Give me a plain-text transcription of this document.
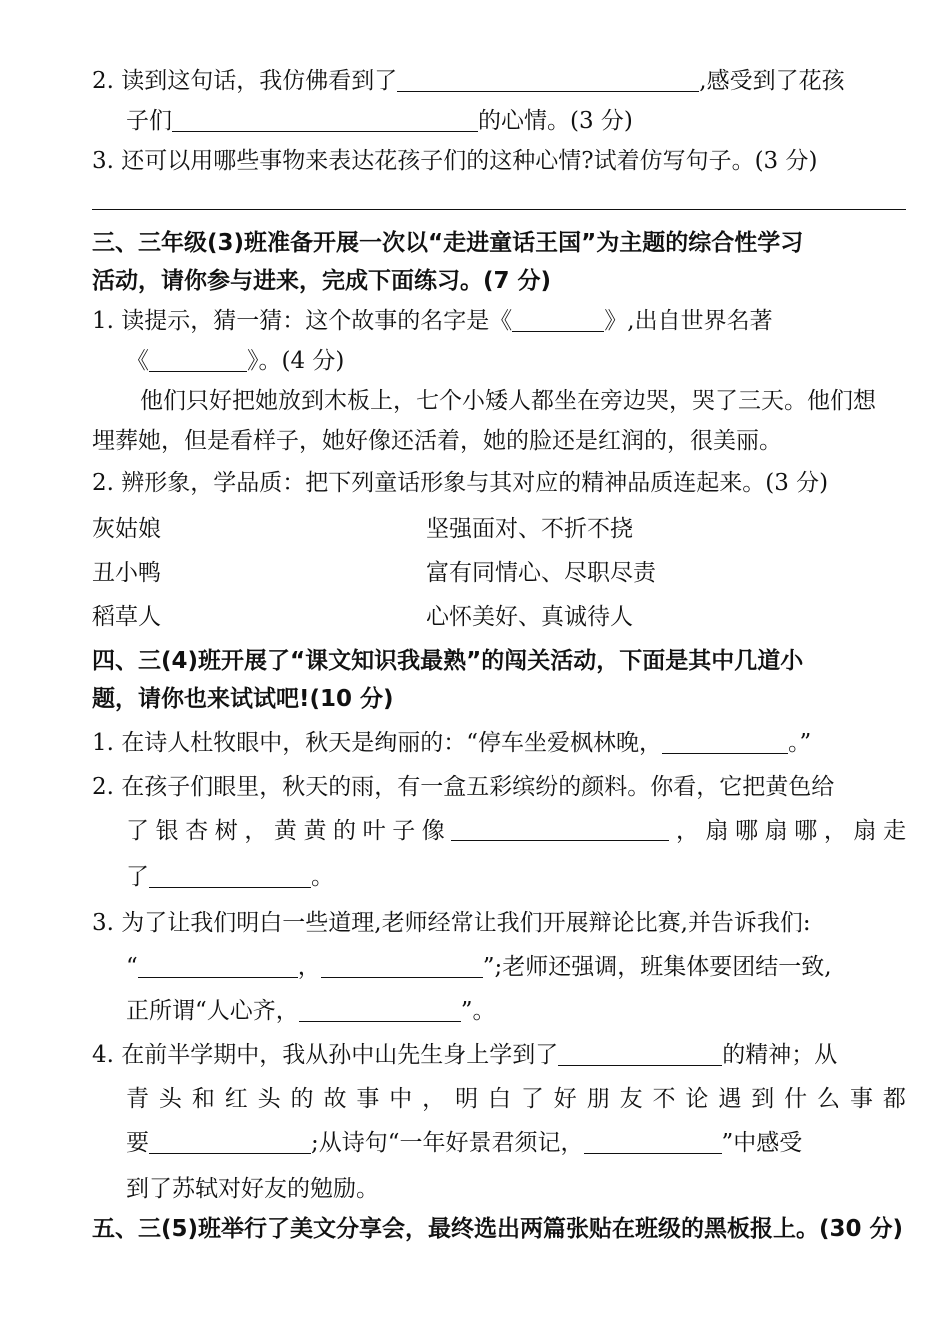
2. 读到这句话，我仿佛看到了	,感受到了花孩
子们	的心情。(3 分)
3. 还可以用哪些事物来表达花孩子们的这种心情?试着仿写句子。(3 分)
三、三年级(3)班准备开展一次以“走进童话王国”为主题的综合性学习
活动，请你参与进来，完成下面练习。(7 分)
1. 读提示，猜一猜：这个故事的名字是《	》,出自世界名著
《	》。(4 分)
他们只好把她放到木板上，七个小矮人都坐在旁边哭，哭了三天。他们想
埋葬她，但是看样子，她好像还活着，她的脸还是红润的，很美丽。
2. 辨形象，学品质：把下列童话形象与其对应的精神品质连起来。(3 分)
灰姑娘	坚强面对、不折不挠
丑小鸭	富有同情心、尽职尽责
稻草人	心怀美好、真诚待人
四、三(4)班开展了“课文知识我最熟”的闯关活动，下面是其中几道小
题，请你也来试试吧!(10 分)
1. 在诗人杜牧眼中，秋天是绚丽的：“停车坐爱枫林晚，	。”
2. 在孩子们眼里，秋天的雨，有一盒五彩缤纷的颜料。你看，它把黄色给
了 银 杏 树 ， 黄 黄 的 叶 子 像	， 扇 哪 扇 哪 ， 扇 走
了	。
3. 为了让我们明白一些道理,老师经常让我们开展辩论比赛,并告诉我们:
“	，	”;老师还强调，班集体要团结一致,
正所谓“人心齐，	”。
4. 在前半学期中，我从孙中山先生身上学到了	的精神；从
青 头 和 红 头 的 故 事 中 ， 明 白 了 好 朋 友 不 论 遇 到 什 么 事 都
要	;从诗句“一年好景君须记，	”中感受
到了苏轼对好友的勉励。
五、三(5)班举行了美文分享会，最终选出两篇张贴在班级的黑板报上。(30 分)
